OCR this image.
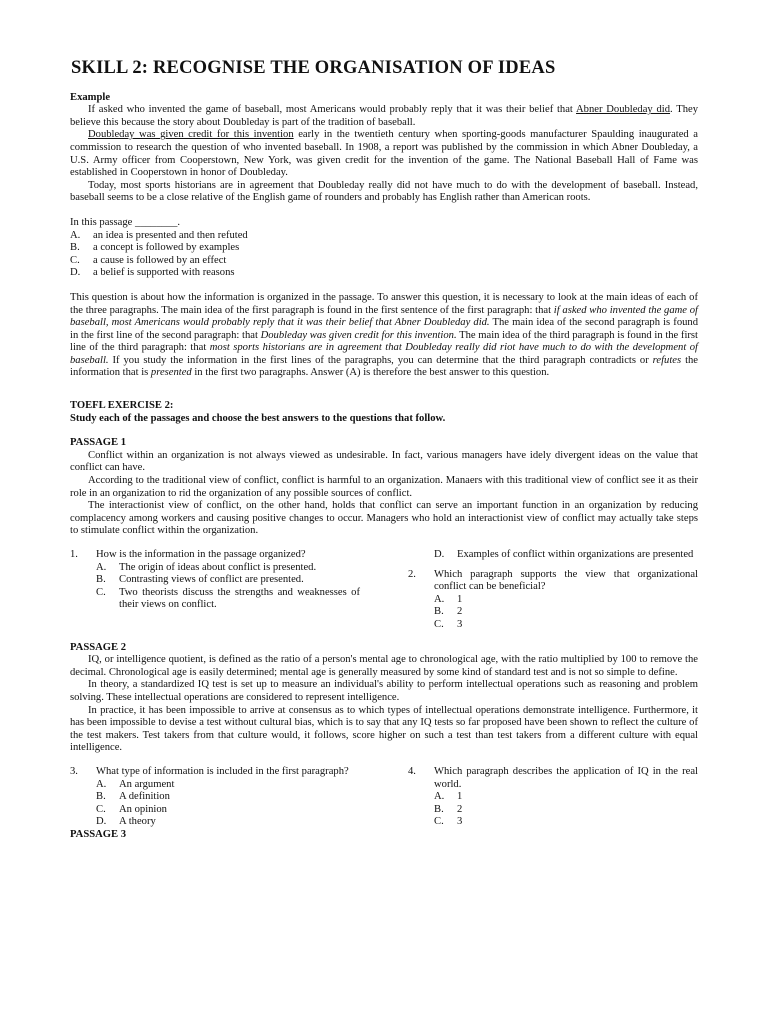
SKILL 2: RECOGNISE THE ORGANISATION OF IDEAS
Example

If asked who invented the game of baseball, most Americans would probably reply that it was their belief that Abner Doubleday did. They believe this because the story about Doubleday is part of the tradition of baseball.

Doubleday was given credit for this invention early in the twentieth century when sporting-goods manufacturer Spaulding inaugurated a commission to research the question of who invented baseball. In 1908, a report was published by the commission in which Abner Doubleday, a U.S. Army officer from Cooperstown, New York, was given credit for the invention of the game. The National Baseball Hall of Fame was established in Cooperstown in honor of Doubleday.

Today, most sports historians are in agreement that Doubleday really did not have much to do with the development of baseball. Instead, baseball seems to be a close relative of the English game of rounders and probably has English rather than American roots.

In this passage ________.
A.	an idea is presented and then refuted
B.	a concept is followed by examples
C.	a cause is followed by an effect
D.	a belief is supported with reasons

This question is about how the information is organized in the passage. To answer this question, it is necessary to look at the main ideas of each of the three paragraphs. The main idea of the first paragraph is found in the first sentence of the first paragraph: that if asked who invented the game of baseball, most Americans would probably reply that it was their belief that Abner Doubleday did. The main idea of the second paragraph is found in the first line of the second paragraph: that Doubleday was given credit for this invention. The main idea of the third paragraph is found in the first line of the third paragraph: that most sports historians are in agreement that Doubleday really did riot have much to do with the development of baseball. If you study the information in the first lines of the paragraphs, you can determine that the third paragraph contradicts or refutes the information that is presented in the first two paragraphs. Answer (A) is therefore the best answer to this question.

TOEFL EXERCISE 2:
Study each of the passages and choose the best answers to the questions that follow.
PASSAGE 1

Conflict within an organization is not always viewed as undesirable. In fact, various managers have idely divergent ideas on the value that conflict can have.

According to the traditional view of conflict, conflict is harmful to an organization. Manaers with this traditional view of conflict see it as their role in an organization to rid the organization of any possible sources of conflict.

The interactionist view of conflict, on the other hand, holds that conflict can serve an important function in an organization by reducing complacency among workers and causing positive changes to occur. Managers who hold an interactionist view of conflict may actually take steps to stimulate conflict within the organization.

1.	How is the information in the passage organized?
A.	The origin of ideas about conflict is presented.
B.	Contrasting views of conflict are presented.
C.	Two theorists discuss the strengths and weaknesses of their views on conflict.
D.	Examples of conflict within organizations are presented
2.	Which paragraph supports the view that organizational conflict can be beneficial?
A.	1
B.	2
C.	3
PASSAGE 2

IQ, or intelligence quotient, is defined as the ratio of a person's mental age to chronological age, with the ratio multiplied by 100 to remove the decimal. Chronological age is easily determined; mental age is generally measured by some kind of standard test and is not so simple to define.

In theory, a standardized IQ test is set up to measure an individual's ability to perform intellectual operations such as reasoning and problem solving. These intellectual operations are considered to represent intelligence.

In practice, it has been impossible to arrive at consensus as to which types of intellectual operations demonstrate intelligence. Furthermore, it has been impossible to devise a test without cultural bias, which is to say that any IQ tests so far proposed have been shown to reflect the culture of the test makers. Test takers from that culture would, it follows, score higher on such a test than test takers from a different culture with equal intelligence.

3.	What type of information is included in the first paragraph?
A.	An argument
B.	A definition
C.	An opinion
D.	A theory
4.	Which paragraph describes the application of IQ in the real world.
A.	1
B.	2
C.	3
PASSAGE 3
